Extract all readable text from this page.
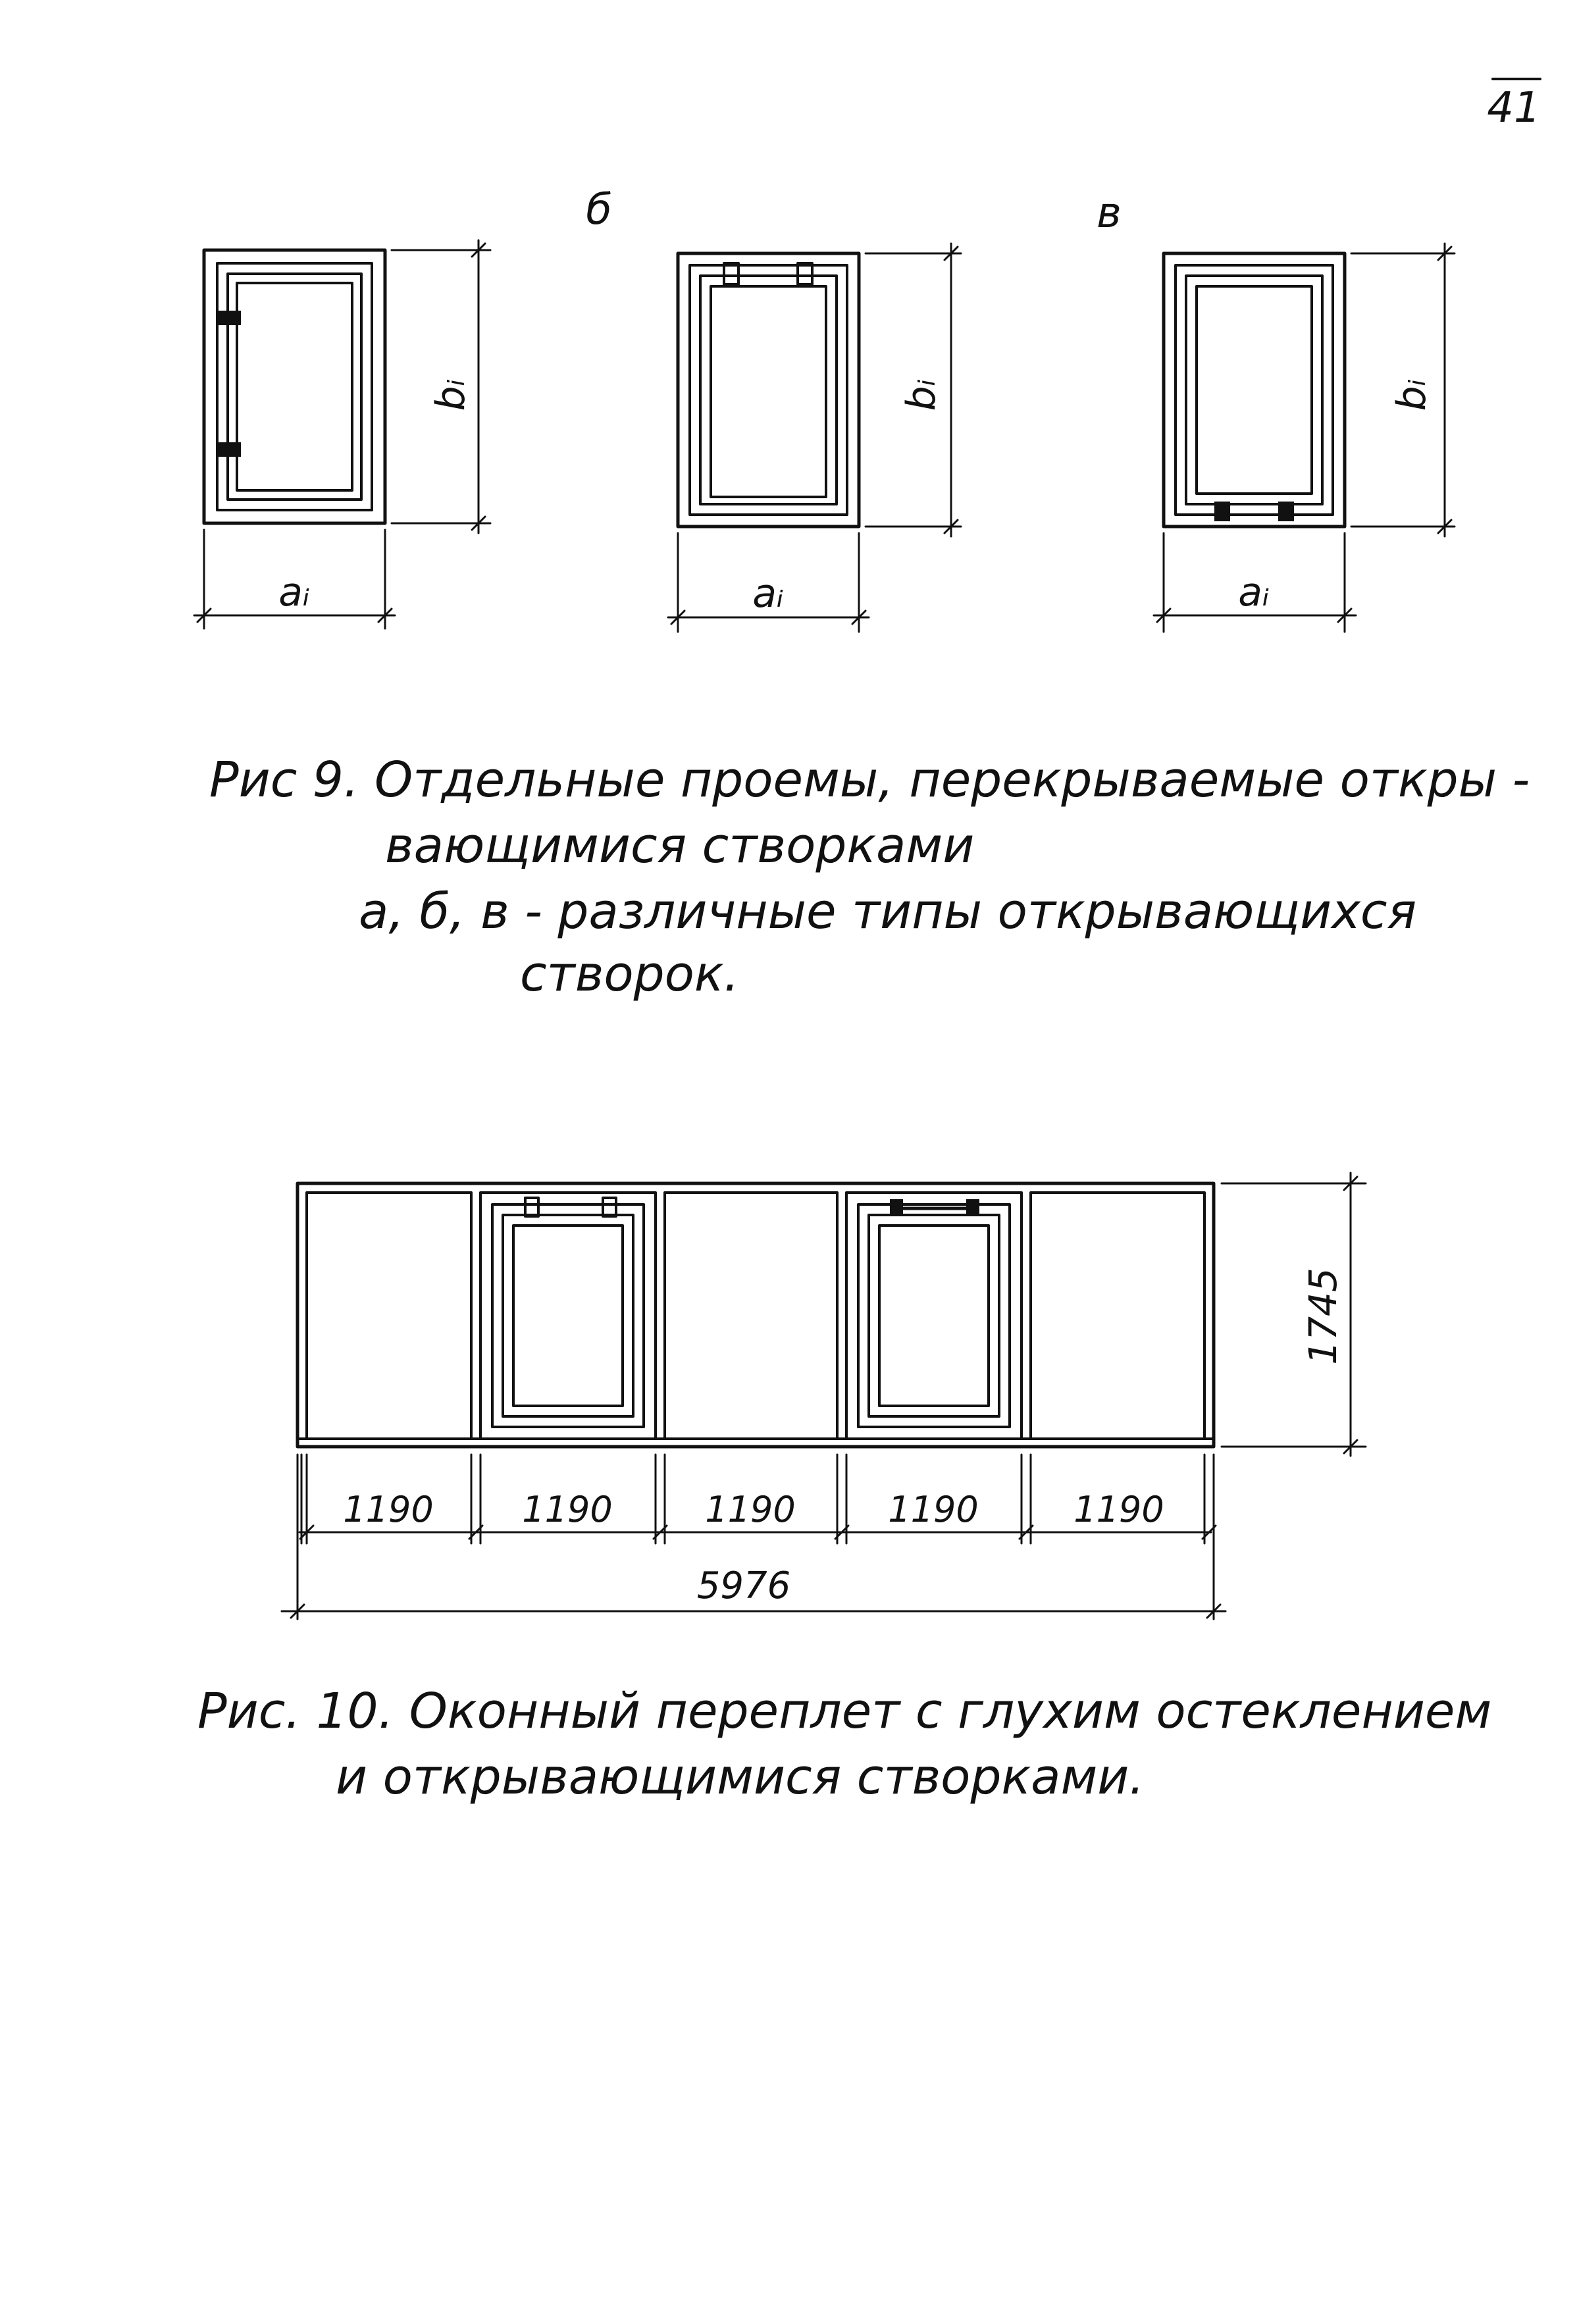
41
aᵢ
bᵢ
б
aᵢ
bᵢ
в
aᵢ
bᵢ
Рис 9. Отдельные проемы, перекрываемые откры -
вающимися створками
а, б, в - различные типы открывающихся
створок.
1745
1190 1190	1190	1190	1190
5976
Рис. 10. Оконный переплет с глухим остеклением
и открывающимися створками.
